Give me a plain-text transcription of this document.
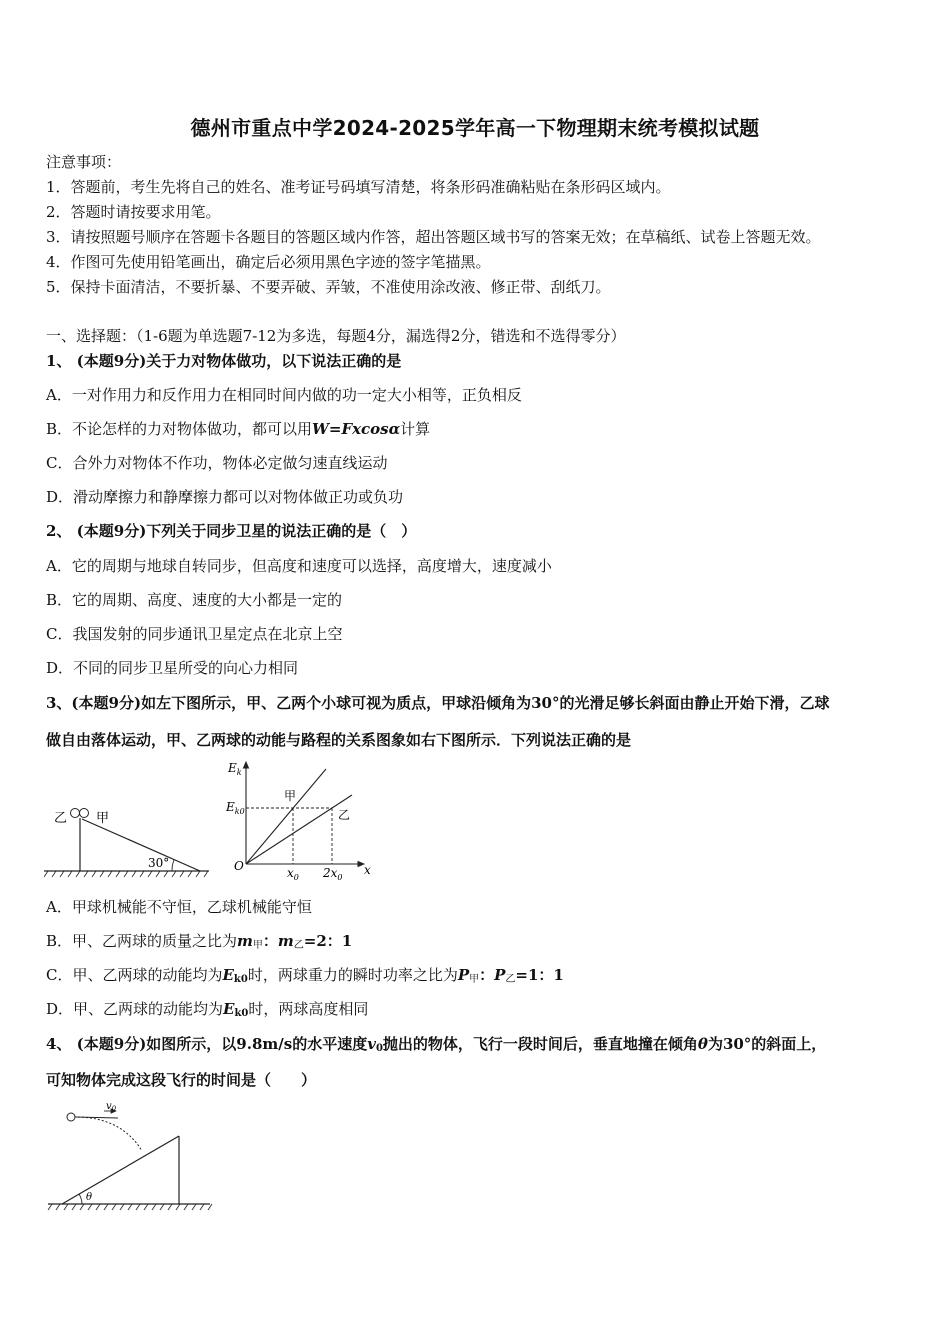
德州市重点中学2024-2025学年高一下物理期末统考模拟试题
注意事项：
1．答题前，考生先将自己的姓名、准考证号码填写清楚，将条形码准确粘贴在条形码区域内。
2．答题时请按要求用笔。
3．请按照题号顺序在答题卡各题目的答题区域内作答，超出答题区域书写的答案无效；在草稿纸、试卷上答题无效。
4．作图可先使用铅笔画出，确定后必须用黑色字迹的签字笔描黑。
5．保持卡面清洁，不要折暴、不要弄破、弄皱，不准使用涂改液、修正带、刮纸刀。
一、选择题：（1-6题为单选题7-12为多选，每题4分，漏选得2分，错选和不选得零分）
1、 (本题9分)关于力对物体做功，以下说法正确的是
A．一对作用力和反作用力在相同时间内做的功一定大小相等，正负相反
B．不论怎样的力对物体做功，都可以用W=Fxcosα计算
C．合外力对物体不作功，物体必定做匀速直线运动
D．滑动摩擦力和静摩擦力都可以对物体做正功或负功
2、 (本题9分)下列关于同步卫星的说法正确的是（　）
A．它的周期与地球自转同步，但高度和速度可以选择，高度增大，速度减小
B．它的周期、高度、速度的大小都是一定的
C．我国发射的同步通讯卫星定点在北京上空
D．不同的同步卫星所受的向心力相同
3、(本题9分)如左下图所示，甲、乙两个小球可视为质点，甲球沿倾角为30°的光滑足够长斜面由静止开始下滑，乙球
做自由落体运动，甲、乙两球的动能与路程的关系图象如右下图所示．下列说法正确的是
乙 甲
30°
$E_k$
$E_{k0}$
O	$x_0$ $2x_0$
x
甲
乙
A．甲球机械能不守恒，乙球机械能守恒
B．甲、乙两球的质量之比为$m_甲$：$m_乙=2$：1
C．甲、乙两球的动能均为$E_{k0}$时，两球重力的瞬时功率之比为$P_甲$：$P_乙=1$：1
D．甲、乙两球的动能均为$E_{k0}$时，两球高度相同
4、 (本题9分)如图所示，以9.8m/s的水平速度$v_0$抛出的物体，飞行一段时间后，垂直地撞在倾角θ为30°的斜面上，
可知物体完成这段飞行的时间是（　　）
$v_0$
θ
